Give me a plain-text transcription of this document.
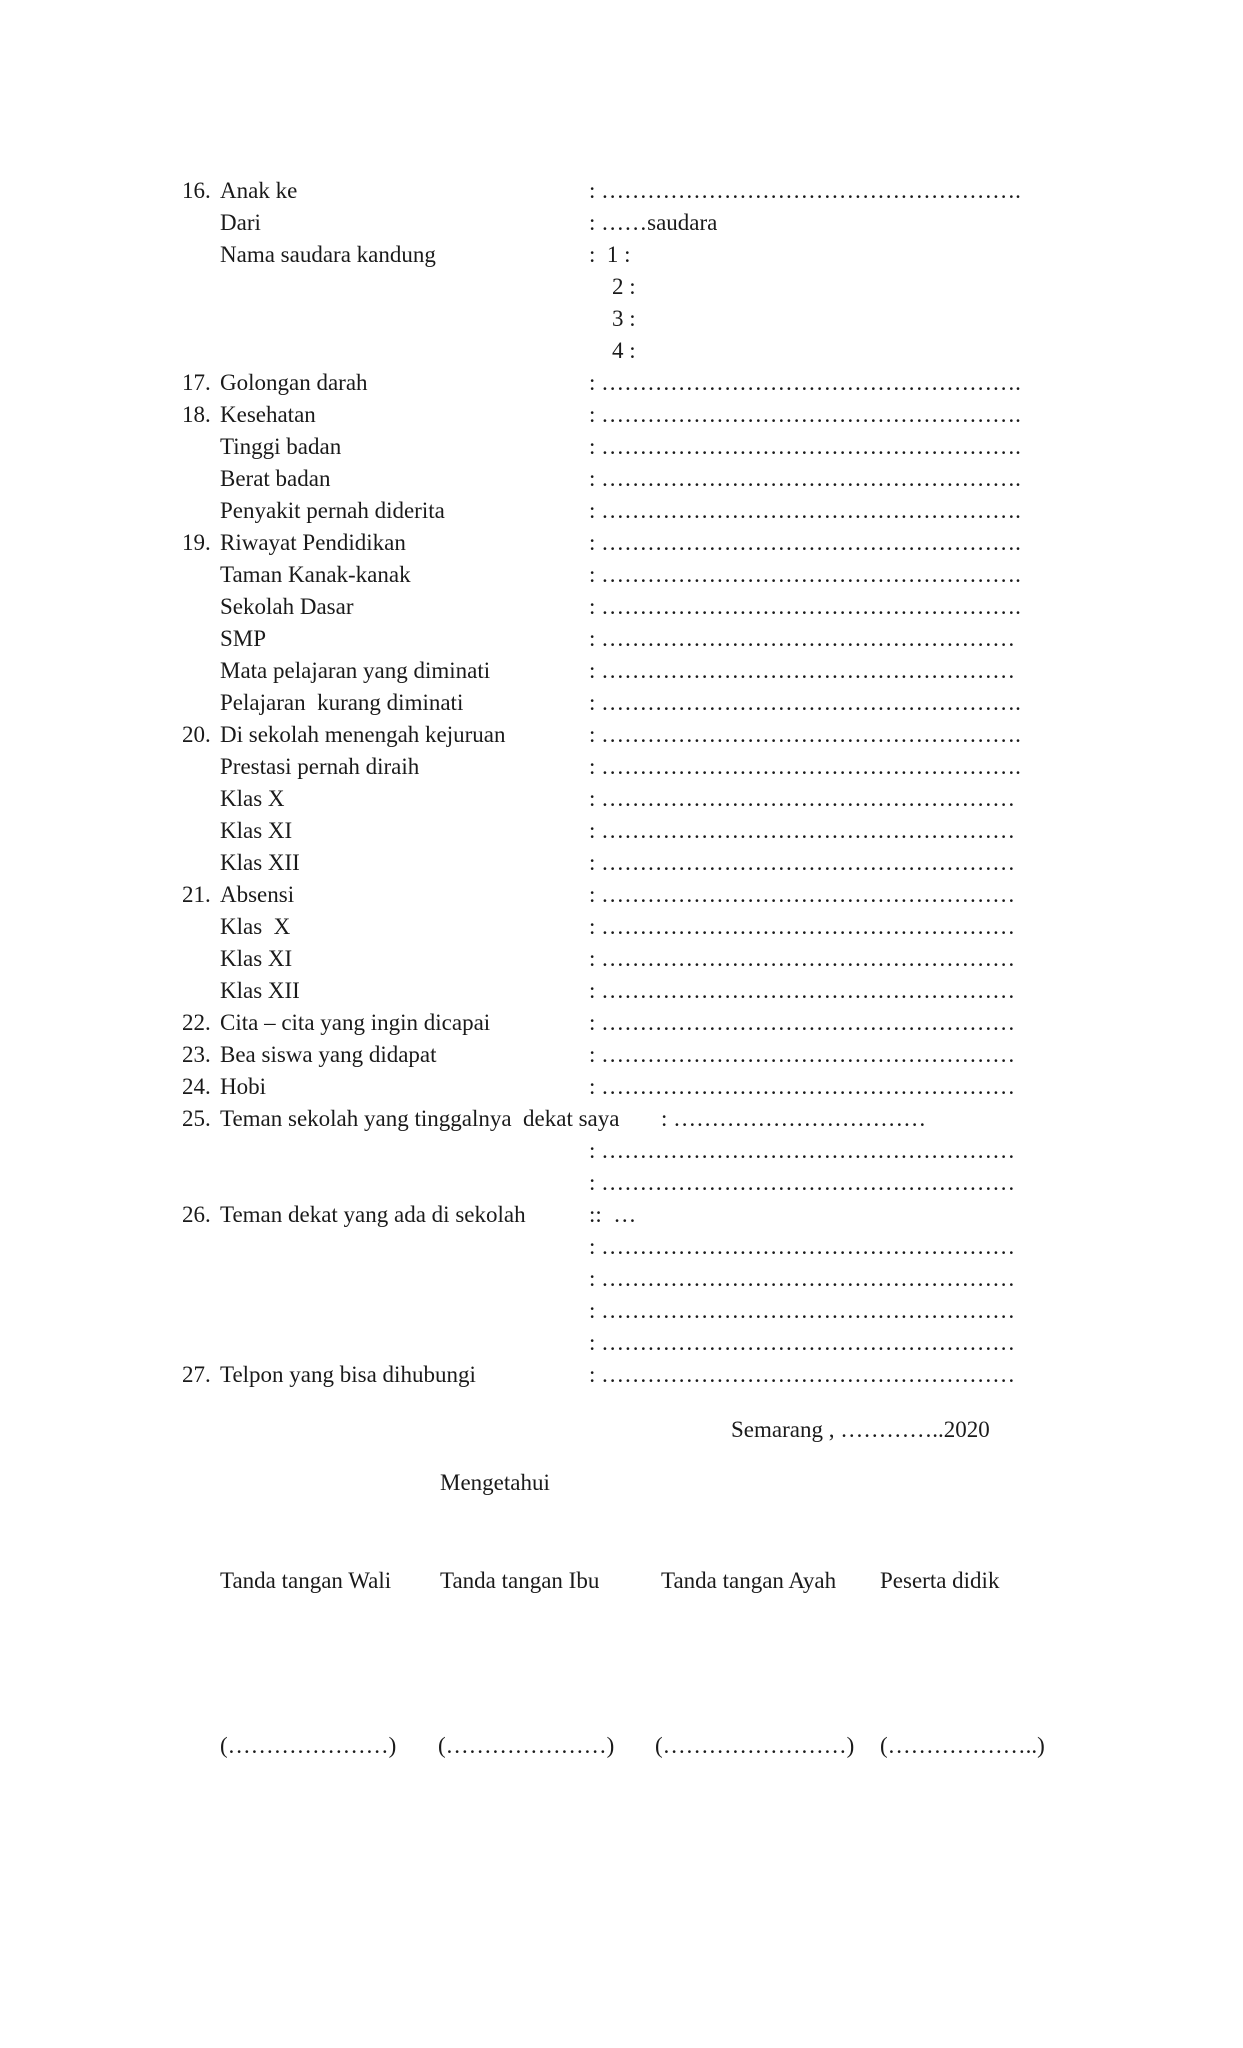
16. Anak ke	: ……………………………………………….
Dari	: ……saudara
Nama saudara kandung	:  1 :
2 :
3 :
4 :
17. Golongan darah	: ……………………………………………….
18. Kesehatan	: ……………………………………………….
Tinggi badan	: ……………………………………………….
Berat badan	: ……………………………………………….
Penyakit pernah diderita	: ……………………………………………….
19. Riwayat Pendidikan	: ……………………………………………….
Taman Kanak-kanak	: ……………………………………………….
Sekolah Dasar	: ……………………………………………….
SMP	: ………………………………………………
Mata pelajaran yang diminati	: ………………………………………………
Pelajaran  kurang diminati	: ……………………………………………….
20. Di sekolah menengah kejuruan	: ……………………………………………….
Prestasi pernah diraih	: ……………………………………………….
Klas X	: ………………………………………………
Klas XI	: ………………………………………………
Klas XII	: ………………………………………………
21. Absensi	: ………………………………………………
Klas  X	: ………………………………………………
Klas XI	: ………………………………………………
Klas XII	: ………………………………………………
22. Cita – cita yang ingin dicapai	: ………………………………………………
23. Bea siswa yang didapat	: ………………………………………………
24. Hobi	: ………………………………………………
25. Teman sekolah yang tinggalnya  dekat saya : ……………………………
: ………………………………………………
: ………………………………………………
26. Teman dekat yang ada di sekolah	::  …
: ………………………………………………
: ………………………………………………
: ………………………………………………
: ………………………………………………
27. Telpon yang bisa dihubungi	: ………………………………………………
Semarang , …………..2020
Mengetahui
Tanda tangan Wali Tanda tangan Ibu	Tanda tangan Ayah Peserta didik
(…………………) (…………………) (……………………) (………………..)
